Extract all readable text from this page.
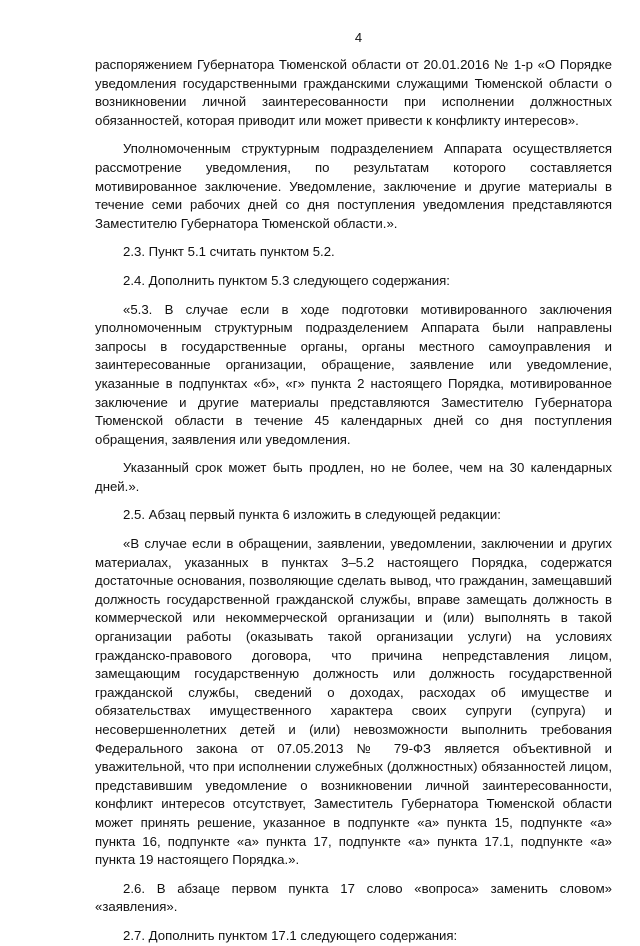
4

распоряжением Губернатора Тюменской области от 20.01.2016 № 1-р «О Порядке уведомления государственными гражданскими служащими Тюменской области о возникновении личной заинтересованности при исполнении должностных обязанностей, которая приводит или может привести к конфликту интересов».

Уполномоченным структурным подразделением Аппарата осуществляется рассмотрение уведомления, по результатам которого составляется мотивированное заключение. Уведомление, заключение и другие материалы в течение семи рабочих дней со дня поступления уведомления представляются Заместителю Губернатора Тюменской области.».

2.3. Пункт 5.1 считать пунктом 5.2.

2.4. Дополнить пунктом 5.3 следующего содержания:

«5.3. В случае если в ходе подготовки мотивированного заключения уполномоченным структурным подразделением Аппарата были направлены запросы в государственные органы, органы местного самоуправления и заинтересованные организации, обращение, заявление или уведомление, указанные в подпунктах «б», «г» пункта 2 настоящего Порядка, мотивированное заключение и другие материалы представляются Заместителю Губернатора Тюменской области в течение 45 календарных дней со дня поступления обращения, заявления или уведомления.

Указанный срок может быть продлен, но не более, чем на 30 календарных дней.».

2.5. Абзац первый пункта 6 изложить в следующей редакции:

«В случае если в обращении, заявлении, уведомлении, заключении и других материалах, указанных в пунктах 3–5.2 настоящего Порядка, содержатся достаточные основания, позволяющие сделать вывод, что гражданин, замещавший должность государственной гражданской службы, вправе замещать должность в коммерческой или некоммерческой организации и (или) выполнять в такой организации работы (оказывать такой организации услуги) на условиях гражданско-правового договора, что причина непредставления лицом, замещающим государственную должность или должность государственной гражданской службы, сведений о доходах, расходах об имуществе и обязательствах имущественного характера своих супруги (супруга) и несовершеннолетних детей и (или) невозможности выполнить требования Федерального закона от 07.05.2013 № 79-ФЗ является объективной и уважительной, что при исполнении служебных (должностных) обязанностей лицом, представившим уведомление о возникновении личной заинтересованности, конфликт интересов отсутствует, Заместитель Губернатора Тюменской области может принять решение, указанное в подпункте «а» пункта 15, подпункте «а» пункта 16, подпункте «а» пункта 17, подпункте «а» пункта 17.1, подпункте «а» пункта 19 настоящего Порядка.».

2.6. В абзаце первом пункта 17 слово «вопроса» заменить словом» «заявления».

2.7. Дополнить пунктом 17.1 следующего содержания:
